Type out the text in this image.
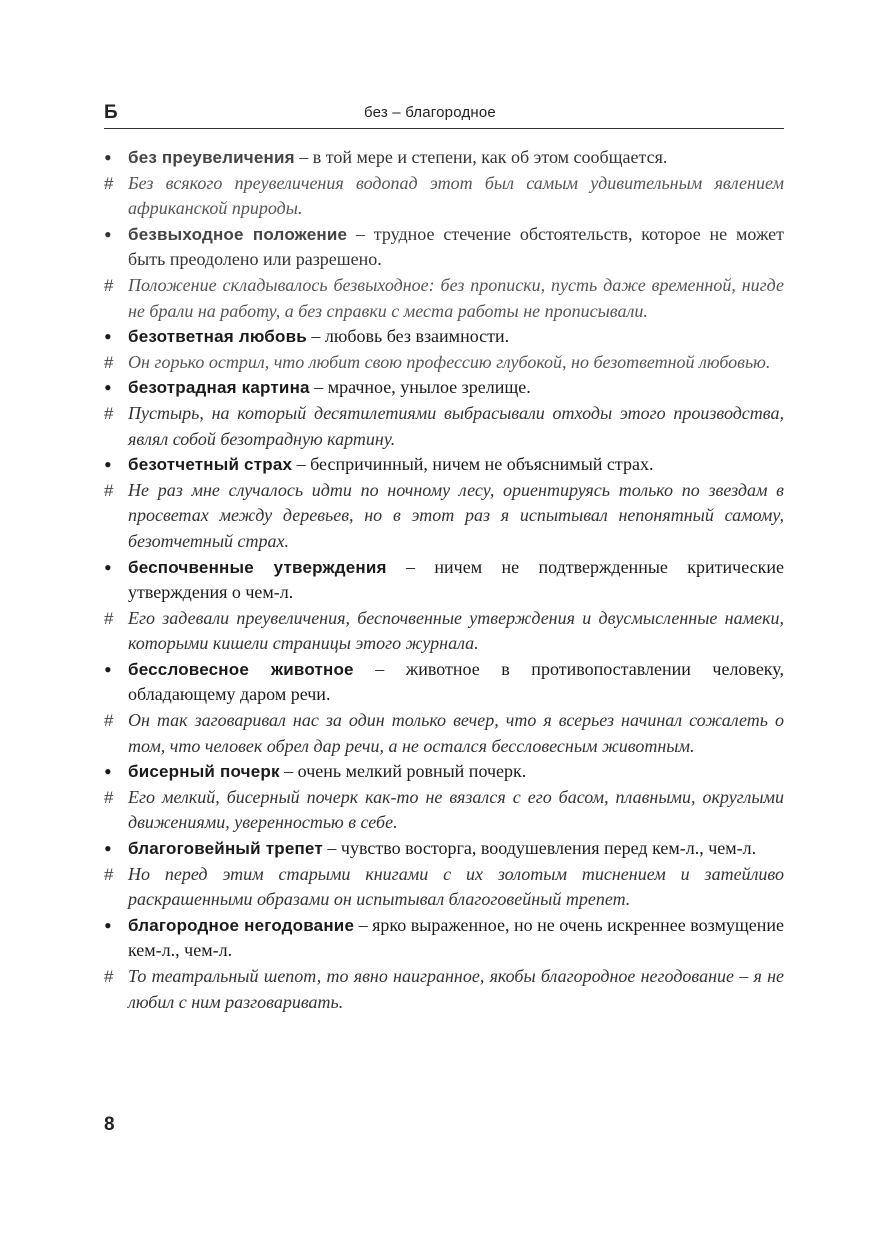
Б	без – благородное
• без преувеличения – в той мере и степени, как об этом сообщается.
# Без всякого преувеличения водопад этот был самым удивительным явлением африканской природы.
• безвыходное положение – трудное стечение обстоятельств, которое не может быть преодолено или разрешено.
# Положение складывалось безвыходное: без прописки, пусть даже временной, нигде не брали на работу, а без справки с места работы не прописывали.
• безответная любовь – любовь без взаимности.
# Он горько острил, что любит свою профессию глубокой, но безответной любовью.
• безотрадная картина – мрачное, унылое зрелище.
# Пустырь, на который десятилетиями выбрасывали отходы этого производства, являл собой безотрадную картину.
• безотчетный страх – беспричинный, ничем не объяснимый страх.
# Не раз мне случалось идти по ночному лесу, ориентируясь только по звездам в просветах между деревьев, но в этот раз я испытывал непонятный самому, безотчетный страх.
• беспочвенные утверждения – ничем не подтвержденные критические утверждения о чем-л.
# Его задевали преувеличения, беспочвенные утверждения и двусмысленные намеки, которыми кишели страницы этого журнала.
• бессловесное животное – животное в противопоставлении человеку, обладающему даром речи.
# Он так заговаривал нас за один только вечер, что я всерьез начинал сожалеть о том, что человек обрел дар речи, а не остался бессловесным животным.
• бисерный почерк – очень мелкий ровный почерк.
# Его мелкий, бисерный почерк как-то не вязался с его басом, плавными, округлыми движениями, уверенностью в себе.
• благоговейный трепет – чувство восторга, воодушевления перед кем-л., чем-л.
# Но перед этим старыми книгами с их золотым тиснением и затейливо раскрашенными образами он испытывал благоговейный трепет.
• благородное негодование – ярко выраженное, но не очень искреннее возмущение кем-л., чем-л.
# То театральный шепот, то явно наигранное, якобы благородное негодование – я не любил с ним разговаривать.
8
